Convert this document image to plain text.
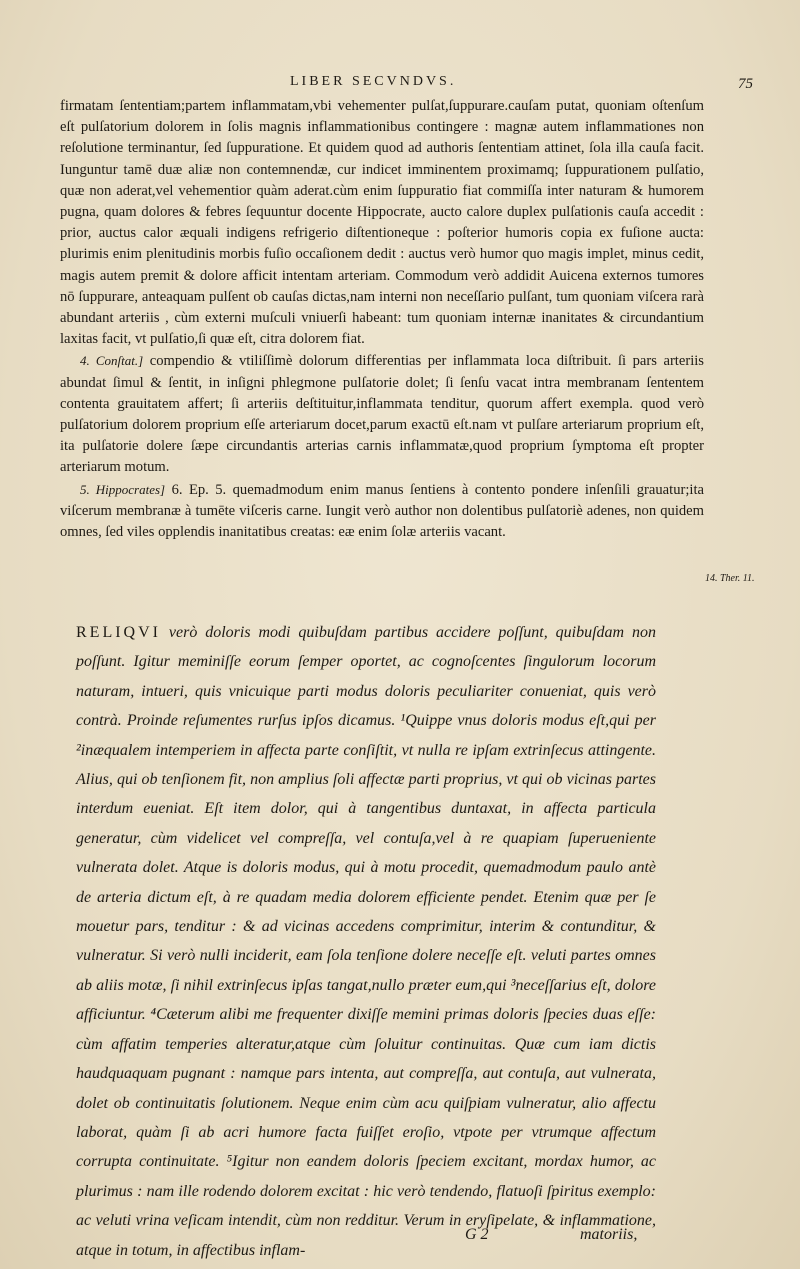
LIBER SECVNDVS.	75

firmatam ſententiam;partem inflammatam,vbi vehementer pulſat,ſuppurare.cauſam putat, quoniam oſtenſum eſt pulſatorium dolorem in ſolis magnis inflammationibus contingere : magnæ autem inflammationes non reſolutione terminantur, ſed ſuppuratione. Et quidem quod ad authoris ſententiam attinet, ſola illa cauſa facit. Iunguntur tamē duæ aliæ non contemnendæ, cur indicet imminentem proximamq; ſuppurationem pulſatio, quæ non aderat,vel vehementior quàm aderat.cùm enim ſuppuratio fiat commiſſa inter naturam & humorem pugna, quam dolores & febres ſequuntur docente Hippocrate, aucto calore duplex pulſationis cauſa accedit : prior, auctus calor æquali indigens refrigerio diſtentioneque : poſterior humoris copia ex fuſione aucta: plurimis enim plenitudinis morbis fuſio occaſionem dedit : auctus verò humor quo magis implet, minus cedit, magis autem premit & dolore afficit intentam arteriam. Commodum verò addidit Auicena externos tumores nō ſuppurare, anteaquam pulſent ob cauſas dictas,nam interni non neceſſario pulſant, tum quoniam viſcera rarà abundant arteriis , cùm externi muſculi vniuerſi habeant: tum quoniam internæ inanitates & circundantium laxitas facit, vt pulſatio,ſi quæ eſt, citra dolorem fiat.

4. Conſtat.] compendio & vtiliſſimè dolorum differentias per inflammata loca diſtribuit. ſi pars arteriis abundat ſimul & ſentit, in inſigni phlegmone pulſatorie dolet; ſi ſenſu vacat intra membranam ſententem contenta grauitatem affert; ſi arteriis deſtituitur,inflammata tenditur, quorum affert exempla. quod verò pulſatorium dolorem proprium eſſe arteriarum docet,parum exactū eſt.nam vt pulſare arteriarum proprium eſt, ita pulſatorie dolere ſæpe circundantis arterias carnis inflammatæ,quod proprium ſymptoma eſt propter arteriarum motum.

5. Hippocrates] 6. Ep. 5. quemadmodum enim manus ſentiens à contento pondere inſenſili grauatur;ita viſcerum membranæ à tumēte viſceris carne. Iungit verò author non dolentibus pulſatoriè adenes, non quidem omnes, ſed viles opplendis inanitatibus creatas: eæ enim ſolæ arteriis vacant.

14. Ther. 11.
RELIQVI verò doloris modi quibuſdam partibus accidere poſſunt, quibuſdam non poſſunt. Igitur meminiſſe eorum ſemper oportet, ac cognoſcentes ſingulorum locorum naturam, intueri, quis vnicuique parti modus doloris peculiariter conueniat, quis verò contrà. Proinde reſumentes rurſus ipſos dicamus. ¹Quippe vnus doloris modus eſt,qui per ²inæqualem intemperiem in affecta parte conſiſtit, vt nulla re ipſam extrinſecus attingente. Alius, qui ob tenſionem fit, non amplius ſoli affectæ parti proprius, vt qui ob vicinas partes interdum eueniat. Eſt item dolor, qui à tangentibus duntaxat, in affecta particula generatur, cùm videlicet vel compreſſa, vel contuſa,vel à re quapiam ſuperueniente vulnerata dolet. Atque is doloris modus, qui à motu procedit, quemadmodum paulo antè de arteria dictum eſt, à re quadam media dolorem efficiente pendet. Etenim quæ per ſe mouetur pars, tenditur : & ad vicinas accedens comprimitur, interim & contunditur, & vulneratur. Si verò nulli inciderit, eam ſola tenſione dolere neceſſe eſt. veluti partes omnes ab aliis motæ, ſi nihil extrinſecus ipſas tangat,nullo præter eum,qui ³neceſſarius eſt, dolore afficiuntur. ⁴Cæterum alibi me frequenter dixiſſe memini primas doloris ſpecies duas eſſe: cùm affatim temperies alteratur,atque cùm ſoluitur continuitas. Quæ cum iam dictis haudquaquam pugnant : namque pars intenta, aut compreſſa, aut contuſa, aut vulnerata, dolet ob continuitatis ſolutionem. Neque enim cùm acu quiſpiam vulneratur, alio affectu laborat, quàm ſi ab acri humore facta fuiſſet eroſio, vtpote per vtrumque affectum corrupta continuitate. ⁵Igitur non eandem doloris ſpeciem excitant, mordax humor, ac plurimus : nam ille rodendo dolorem excitat : hic verò tendendo, flatuoſi ſpiritus exemplo: ac veluti vrina veſicam intendit, cùm non redditur. Verum in eryſipelate, & inflammatione, atque in totum, in affectibus inflam-
G 2	matoriis,
